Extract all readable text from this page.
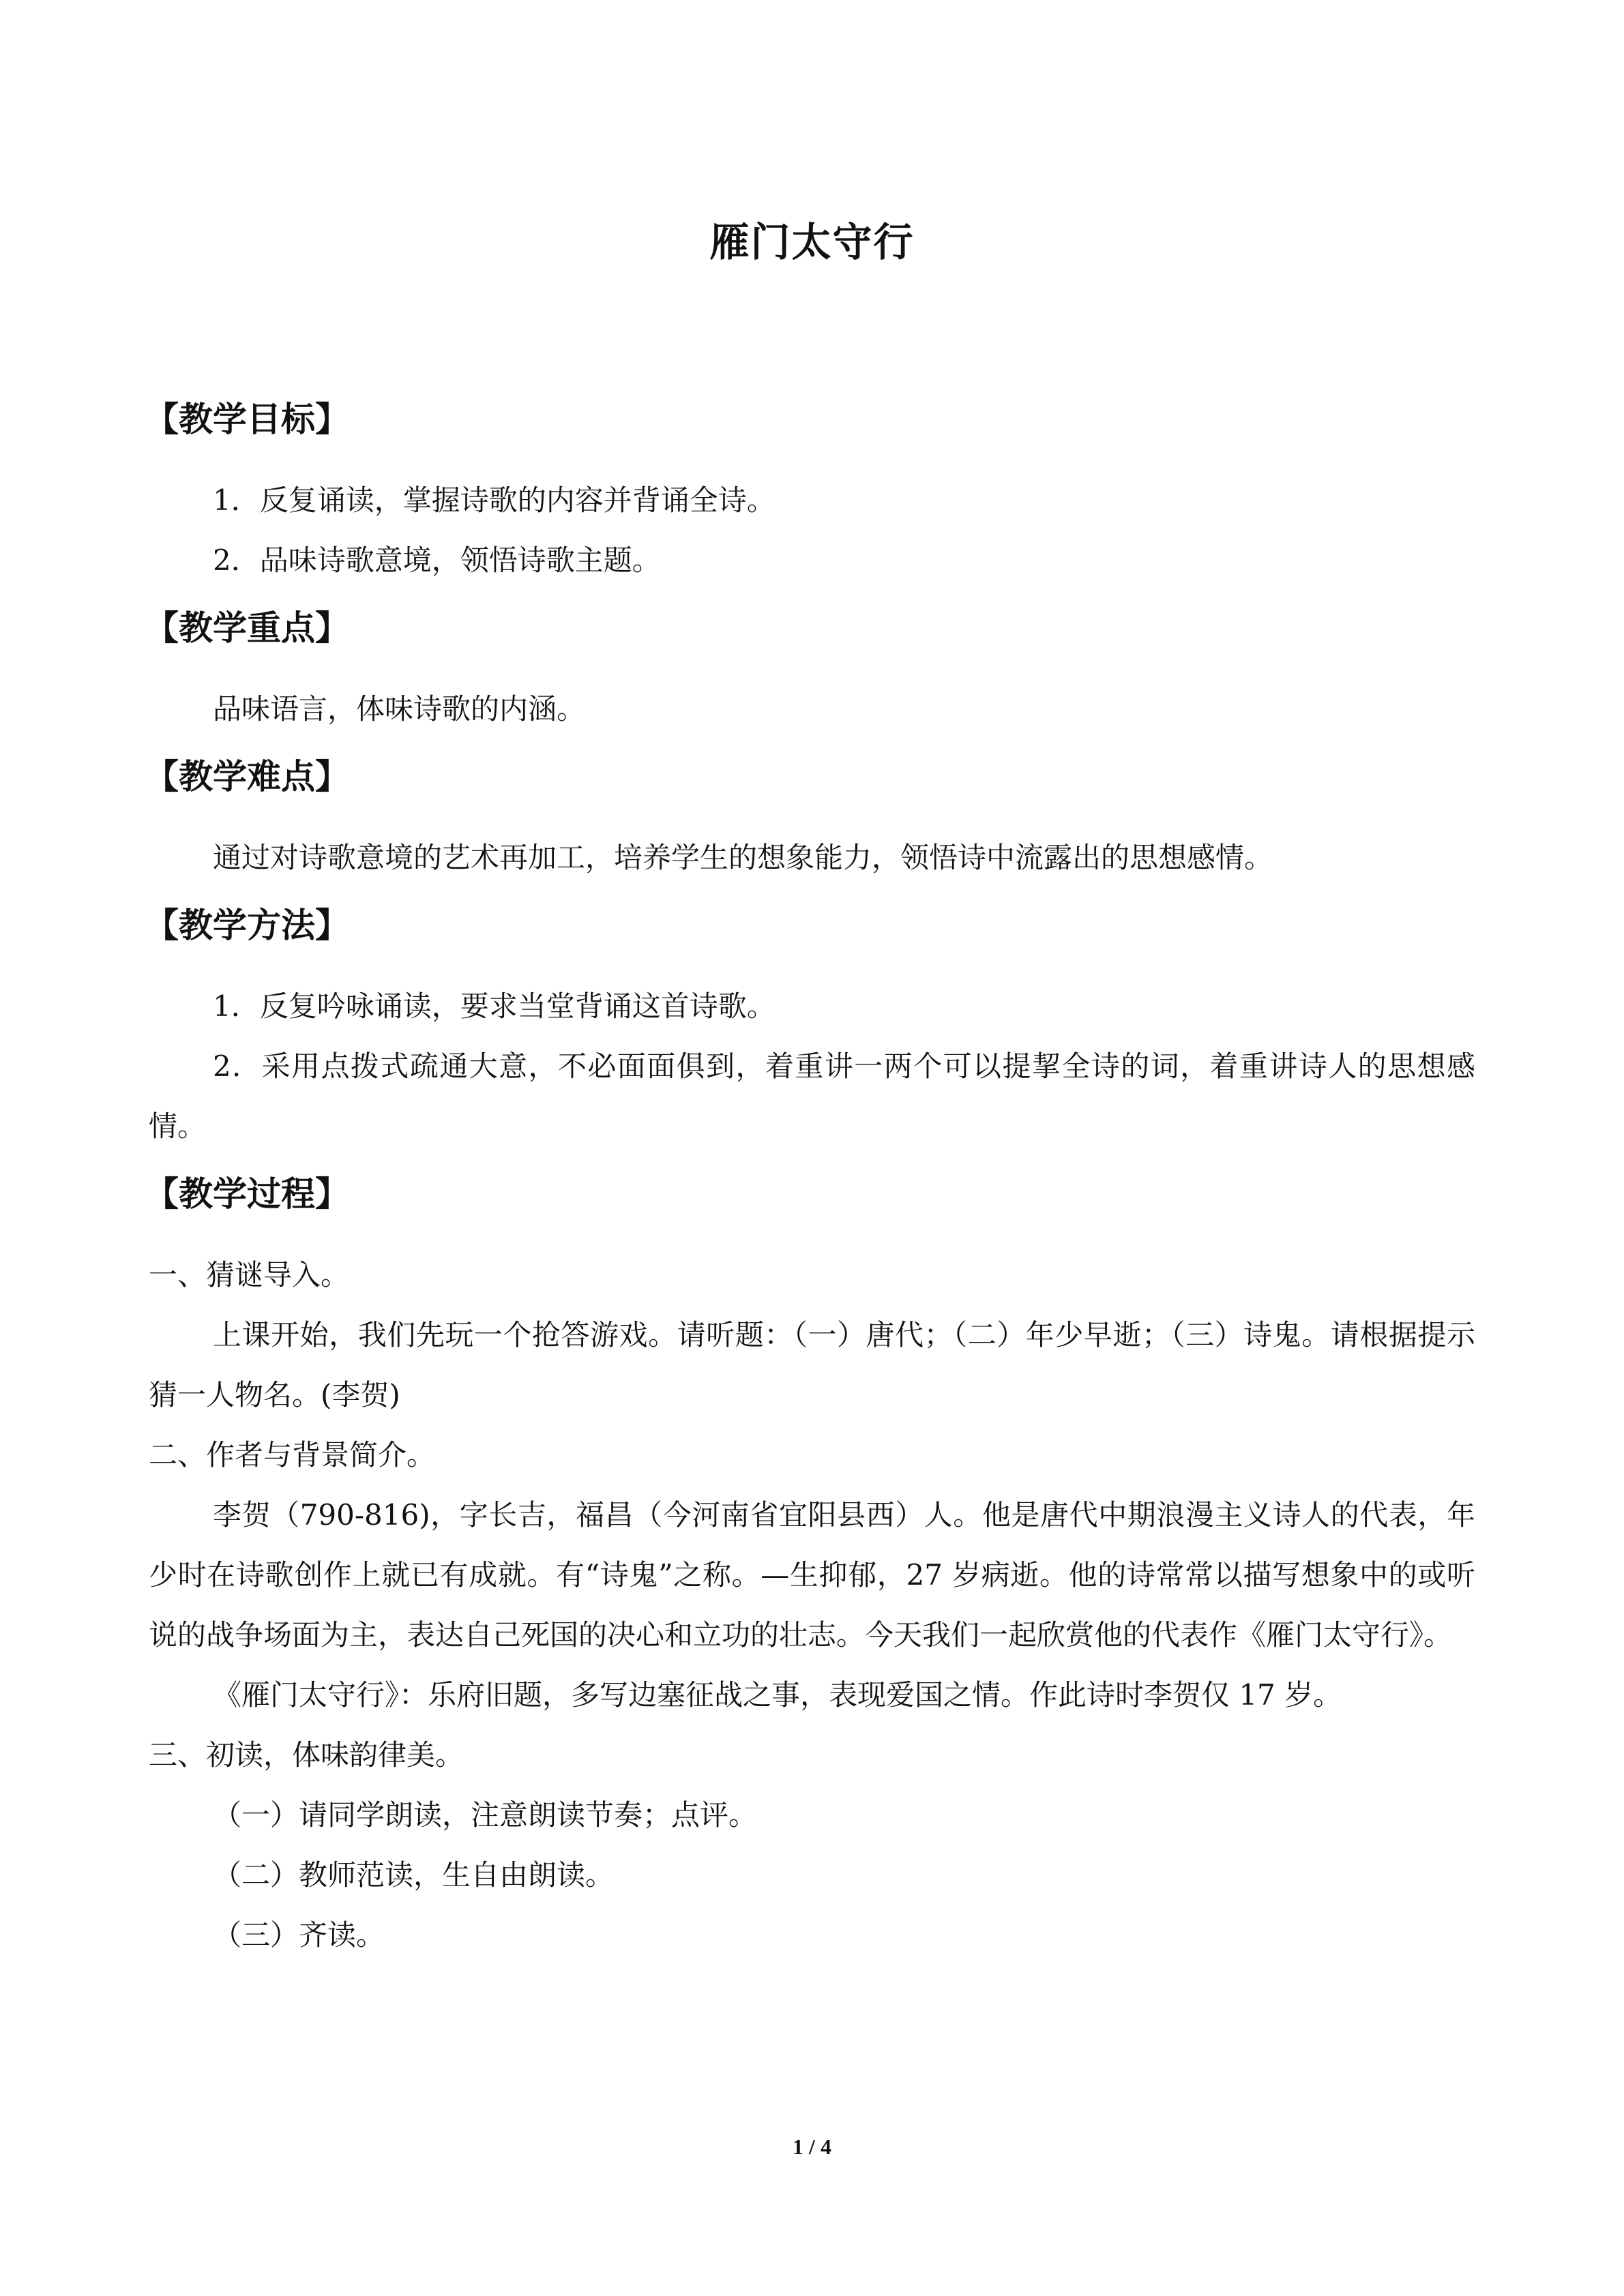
雁门太守行
【教学目标】
1．反复诵读，掌握诗歌的内容并背诵全诗。
2．品味诗歌意境，领悟诗歌主题。
【教学重点】
品味语言，体味诗歌的内涵。
【教学难点】
通过对诗歌意境的艺术再加工，培养学生的想象能力，领悟诗中流露出的思想感情。
【教学方法】
1．反复吟咏诵读，要求当堂背诵这首诗歌。
2．采用点拨式疏通大意，不必面面俱到，着重讲一两个可以提挈全诗的词，着重讲诗人的思想感情。
【教学过程】
一、猜谜导入。
上课开始，我们先玩一个抢答游戏。请听题：（一）唐代；（二）年少早逝；（三）诗鬼。请根据提示猜一人物名。(李贺)
二、作者与背景简介。
李贺（790-816)，字长吉，福昌（今河南省宜阳县西）人。他是唐代中期浪漫主义诗人的代表，年少时在诗歌创作上就已有成就。有“诗鬼”之称。—生抑郁，27 岁病逝。他的诗常常以描写想象中的或听说的战争场面为主，表达自己死国的决心和立功的壮志。今天我们一起欣赏他的代表作《雁门太守行》。
《雁门太守行》：乐府旧题，多写边塞征战之事，表现爱国之情。作此诗时李贺仅 17 岁。
三、初读，体味韵律美。
（一）请同学朗读，注意朗读节奏；点评。
（二）教师范读，生自由朗读。
（三）齐读。
1 / 4
